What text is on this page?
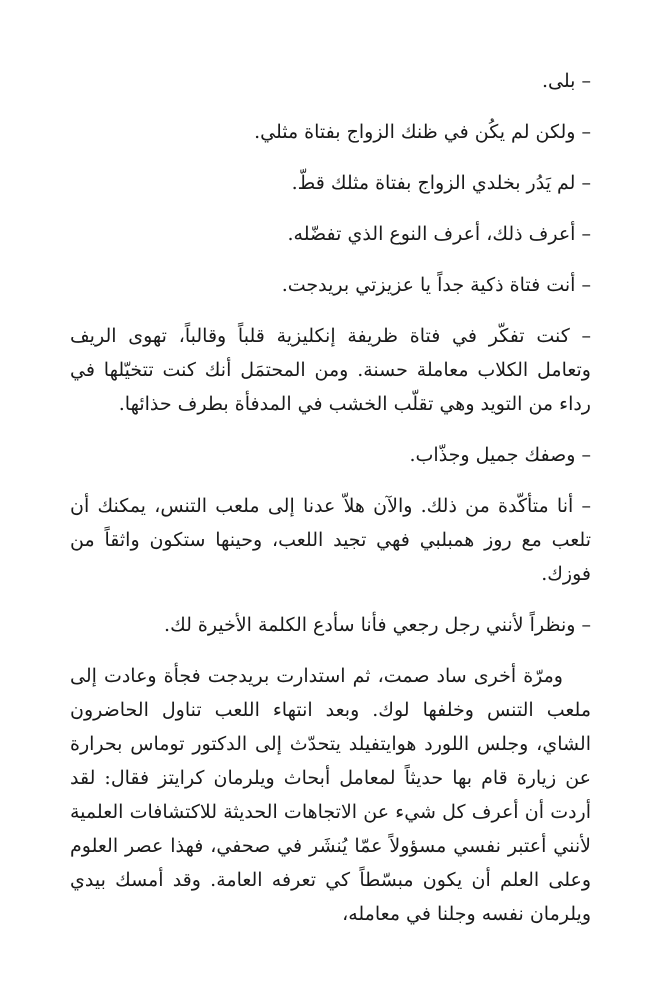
– بلى.

– ولكن لم يكُن في ظنك الزواج بفتاة مثلي.

– لم يَدُر بخلدي الزواج بفتاة مثلك قطّ.

– أعرف ذلك، أعرف النوع الذي تفضّله.

– أنت فتاة ذكية جداً يا عزيزتي بريدجت.

– كنت تفكّر في فتاة ظريفة إنكليزية قلباً وقالباً، تهوى الريف وتعامل الكلاب معاملة حسنة. ومن المحتمَل أنك كنت تتخيّلها في رداء من التويد وهي تقلّب الخشب في المدفأة بطرف حذائها.

– وصفك جميل وجذّاب.

– أنا متأكّدة من ذلك. والآن هلاّ عدنا إلى ملعب التنس، يمكنك أن تلعب مع روز همبلبي فهي تجيد اللعب، وحينها ستكون واثقاً من فوزك.

– ونظراً لأنني رجل رجعي فأنا سأدع الكلمة الأخيرة لك.

ومرّة أخرى ساد صمت، ثم استدارت بريدجت فجأة وعادت إلى ملعب التنس وخلفها لوك. وبعد انتهاء اللعب تناول الحاضرون الشاي، وجلس اللورد هوايتفيلد يتحدّث إلى الدكتور توماس بحرارة عن زيارة قام بها حديثاً لمعامل أبحاث ويلرمان كرايتز فقال: لقد أردت أن أعرف كل شيء عن الاتجاهات الحديثة للاكتشافات العلمية لأنني أعتبر نفسي مسؤولاً عمّا يُنشَر في صحفي، فهذا عصر العلوم وعلى العلم أن يكون مبسّطاً كي تعرفه العامة. وقد أمسك بيدي ويلرمان نفسه وجلنا في معامله،
